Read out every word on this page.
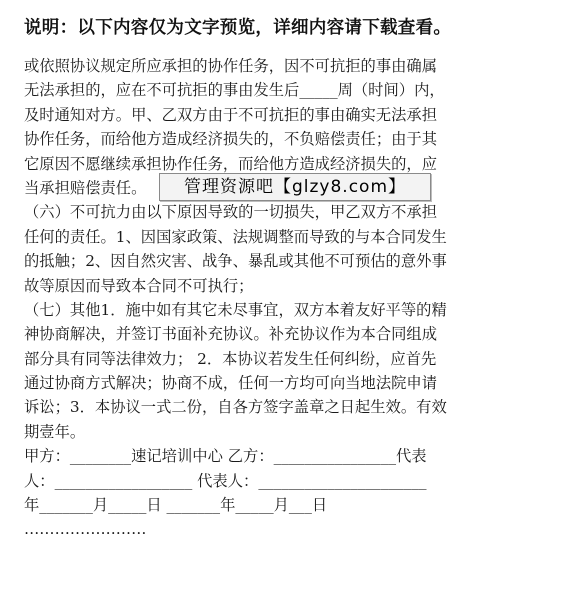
说明：以下内容仅为文字预览，详细内容请下载查看。
或依照协议规定所应承担的协作任务，因不可抗拒的事由确属
无法承担的，应在不可抗拒的事由发生后_____周（时间）内，
及时通知对方。甲、乙双方由于不可抗拒的事由确实无法承担
协作任务，而给他方造成经济损失的，不负赔偿责任；由于其
它原因不愿继续承担协作任务，而给他方造成经济损失的，应
当承担赔偿责任。
（六）不可抗力由以下原因导致的一切损失，甲乙双方不承担
任何的责任。1、因国家政策、法规调整而导致的与本合同发生
的抵触；2、因自然灾害、战争、暴乱或其他不可预估的意外事
故等原因而导致本合同不可执行；
（七）其他1．施中如有其它未尽事宜，双方本着友好平等的精
神协商解决，并签订书面补充协议。补充协议作为本合同组成
部分具有同等法律效力； 2．本协议若发生任何纠纷，应首先
通过协商方式解决；协商不成，任何一方均可向当地法院申请
诉讼；3．本协议一式二份，自各方签字盖章之日起生效。有效
期壹年。
甲方：________速记培训中心 乙方：________________代表
人：__________________ 代表人：______________________
年_______月_____日 _______年_____月___日
……………………
管理资源吧【glzy8.com】
